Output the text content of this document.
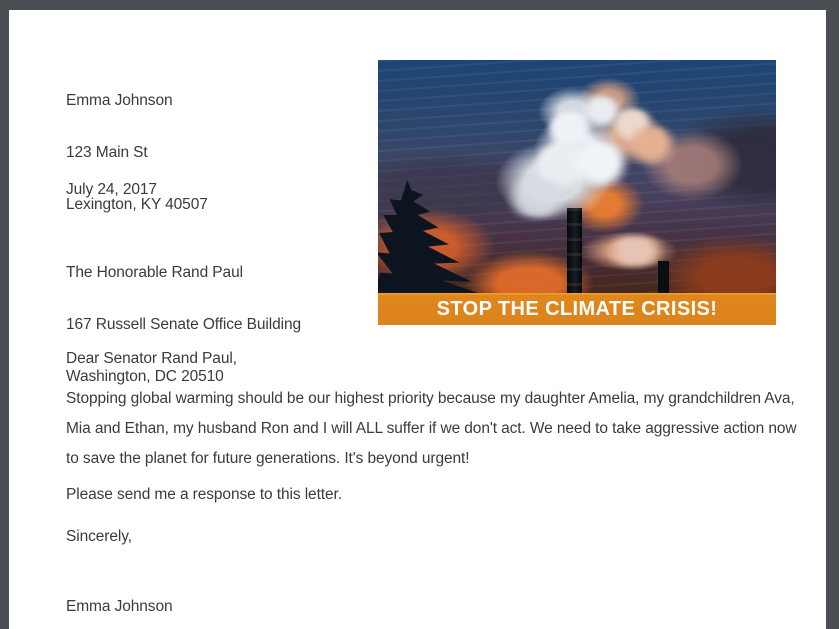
Emma Johnson

123 Main St

Lexington, KY 40507

July 24, 2017

The Honorable Rand Paul

167 Russell Senate Office Building

Washington, DC 20510

Dear Senator Rand Paul,
Stopping global warming should be our highest priority because my daughter Amelia, my grandchildren Ava, Mia and Ethan, my husband Ron and I will ALL suffer if we don't act. We need to take aggressive action now to save the planet for future generations. It's beyond urgent!
Please send me a response to this letter.
Sincerely,
Emma Johnson
STOP THE CLIMATE CRISIS!
